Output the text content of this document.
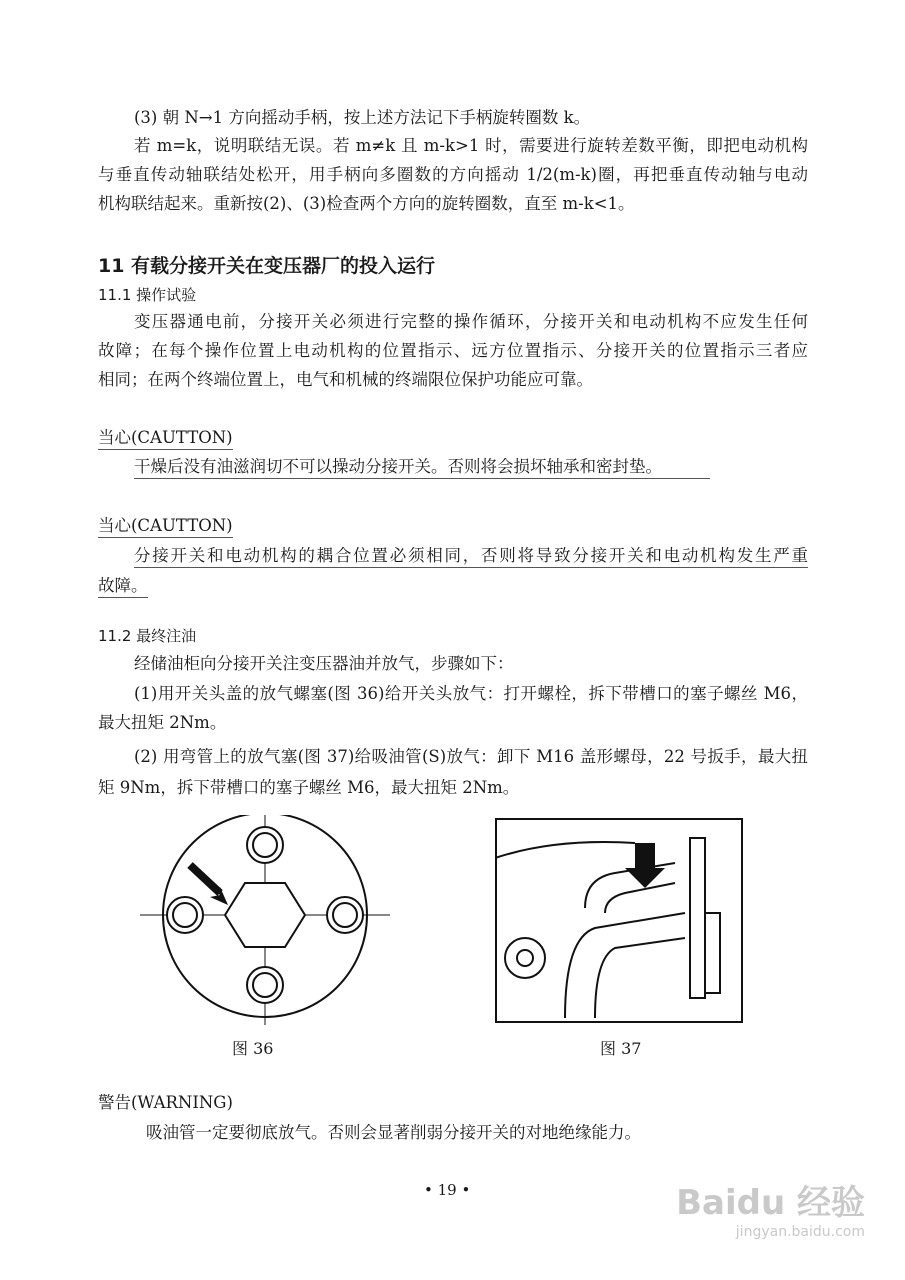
(3) 朝 N→1 方向摇动手柄，按上述方法记下手柄旋转圈数 k。
若 m=k，说明联结无误。若 m≠k 且 m-k>1 时，需要进行旋转差数平衡，即把电动机构
与垂直传动轴联结处松开，用手柄向多圈数的方向摇动 1/2(m-k)圈，再把垂直传动轴与电动
机构联结起来。重新按(2)、(3)检查两个方向的旋转圈数，直至 m-k<1。
11 有载分接开关在变压器厂的投入运行
11.1 操作试验
变压器通电前，分接开关必须进行完整的操作循环，分接开关和电动机构不应发生任何
故障；在每个操作位置上电动机构的位置指示、远方位置指示、分接开关的位置指示三者应
相同；在两个终端位置上，电气和机械的终端限位保护功能应可靠。
当心(CAUTTON)
干燥后没有油滋润切不可以操动分接开关。否则将会损坏轴承和密封垫。
当心(CAUTTON)
分接开关和电动机构的耦合位置必须相同，否则将导致分接开关和电动机构发生严重
故障。
11.2 最终注油
经储油柜向分接开关注变压器油并放气，步骤如下：
(1)用开关头盖的放气螺塞(图 36)给开关头放气：打开螺栓，拆下带槽口的塞子螺丝 M6，
最大扭矩 2Nm。
(2) 用弯管上的放气塞(图 37)给吸油管(S)放气：卸下 M16 盖形螺母，22 号扳手，最大扭
矩 9Nm，拆下带槽口的塞子螺丝 M6，最大扭矩 2Nm。
图 36	图 37
警告(WARNING)
吸油管一定要彻底放气。否则会显著削弱分接开关的对地绝缘能力。
• 19 •	Baidu 经验
jingyan.baidu.com
